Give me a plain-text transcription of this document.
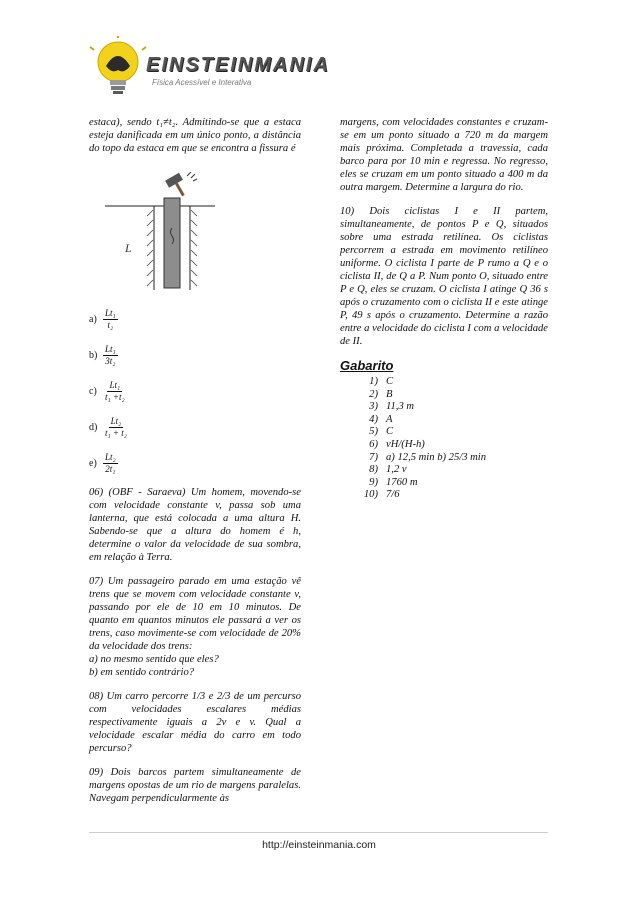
EINSTEINMANIA
Física Acessível e Interativa

estaca), sendo t₁≠t₂. Admitindo-se que a estaca esteja danificada em um único ponto, a distância do topo da estaca em que se encontra a fissura é

L
$a) \frac{\text{Lt₁}}{\text{t₂}}$
$b) \frac{\text{Lt₁}}{\text{3t₂}}$
$c) \frac{\text{Lt₁}}{\text{t₁ +t₂}}$
$d) \frac{\text{Lt₂}}{\text{t₁ + t₂}}$
$e) \frac{\text{Lt₂}}{\text{2t₁}}$

06) (OBF - Saraeva) Um homem, movendo-se com velocidade constante v, passa sob uma lanterna, que está colocada a uma altura H. Sabendo-se que a altura do homem é h, determine o valor da velocidade de sua sombra, em relação à Terra.

07) Um passageiro parado em uma estação vê trens que se movem com velocidade constante v, passando por ele de 10 em 10 minutos. De quanto em quantos minutos ele passará a ver os trens, caso movimente-se com velocidade de 20% da velocidade dos trens:

a) no mesmo sentido que eles?

b) em sentido contrário?

08) Um carro percorre 1/3 e 2/3 de um percurso com velocidades escalares médias respectivamente iguais a 2v e v. Qual a velocidade escalar média do carro em todo percurso?

09) Dois barcos partem simultaneamente de margens opostas de um rio de margens paralelas. Navegam perpendicularmente às

margens, com velocidades constantes e cruzam-se em um ponto situado a 720 m da margem mais próxima. Completada a travessia, cada barco para por 10 min e regressa. No regresso, eles se cruzam em um ponto situado a 400 m da outra margem. Determine a largura do rio.

10) Dois ciclistas I e II partem, simultaneamente, de pontos P e Q, situados sobre uma estrada retilínea. Os ciclistas percorrem a estrada em movimento retilíneo uniforme. O ciclista I parte de P rumo a Q e o ciclista II, de Q a P. Num ponto O, situado entre P e Q, eles se cruzam. O ciclista I atinge Q 36 s após o cruzamento com o ciclista II e este atinge P, 49 s após o cruzamento. Determine a razão entre a velocidade do ciclista I com a velocidade de II.

Gabarito
1) C
2) B
3) 11,3 m
4) A
5) C
6) vH/(H-h)
7) a) 12,5 min b) 25/3 min
8) 1,2 v
9) 1760 m
10) 7/6
http://einsteinmania.com
